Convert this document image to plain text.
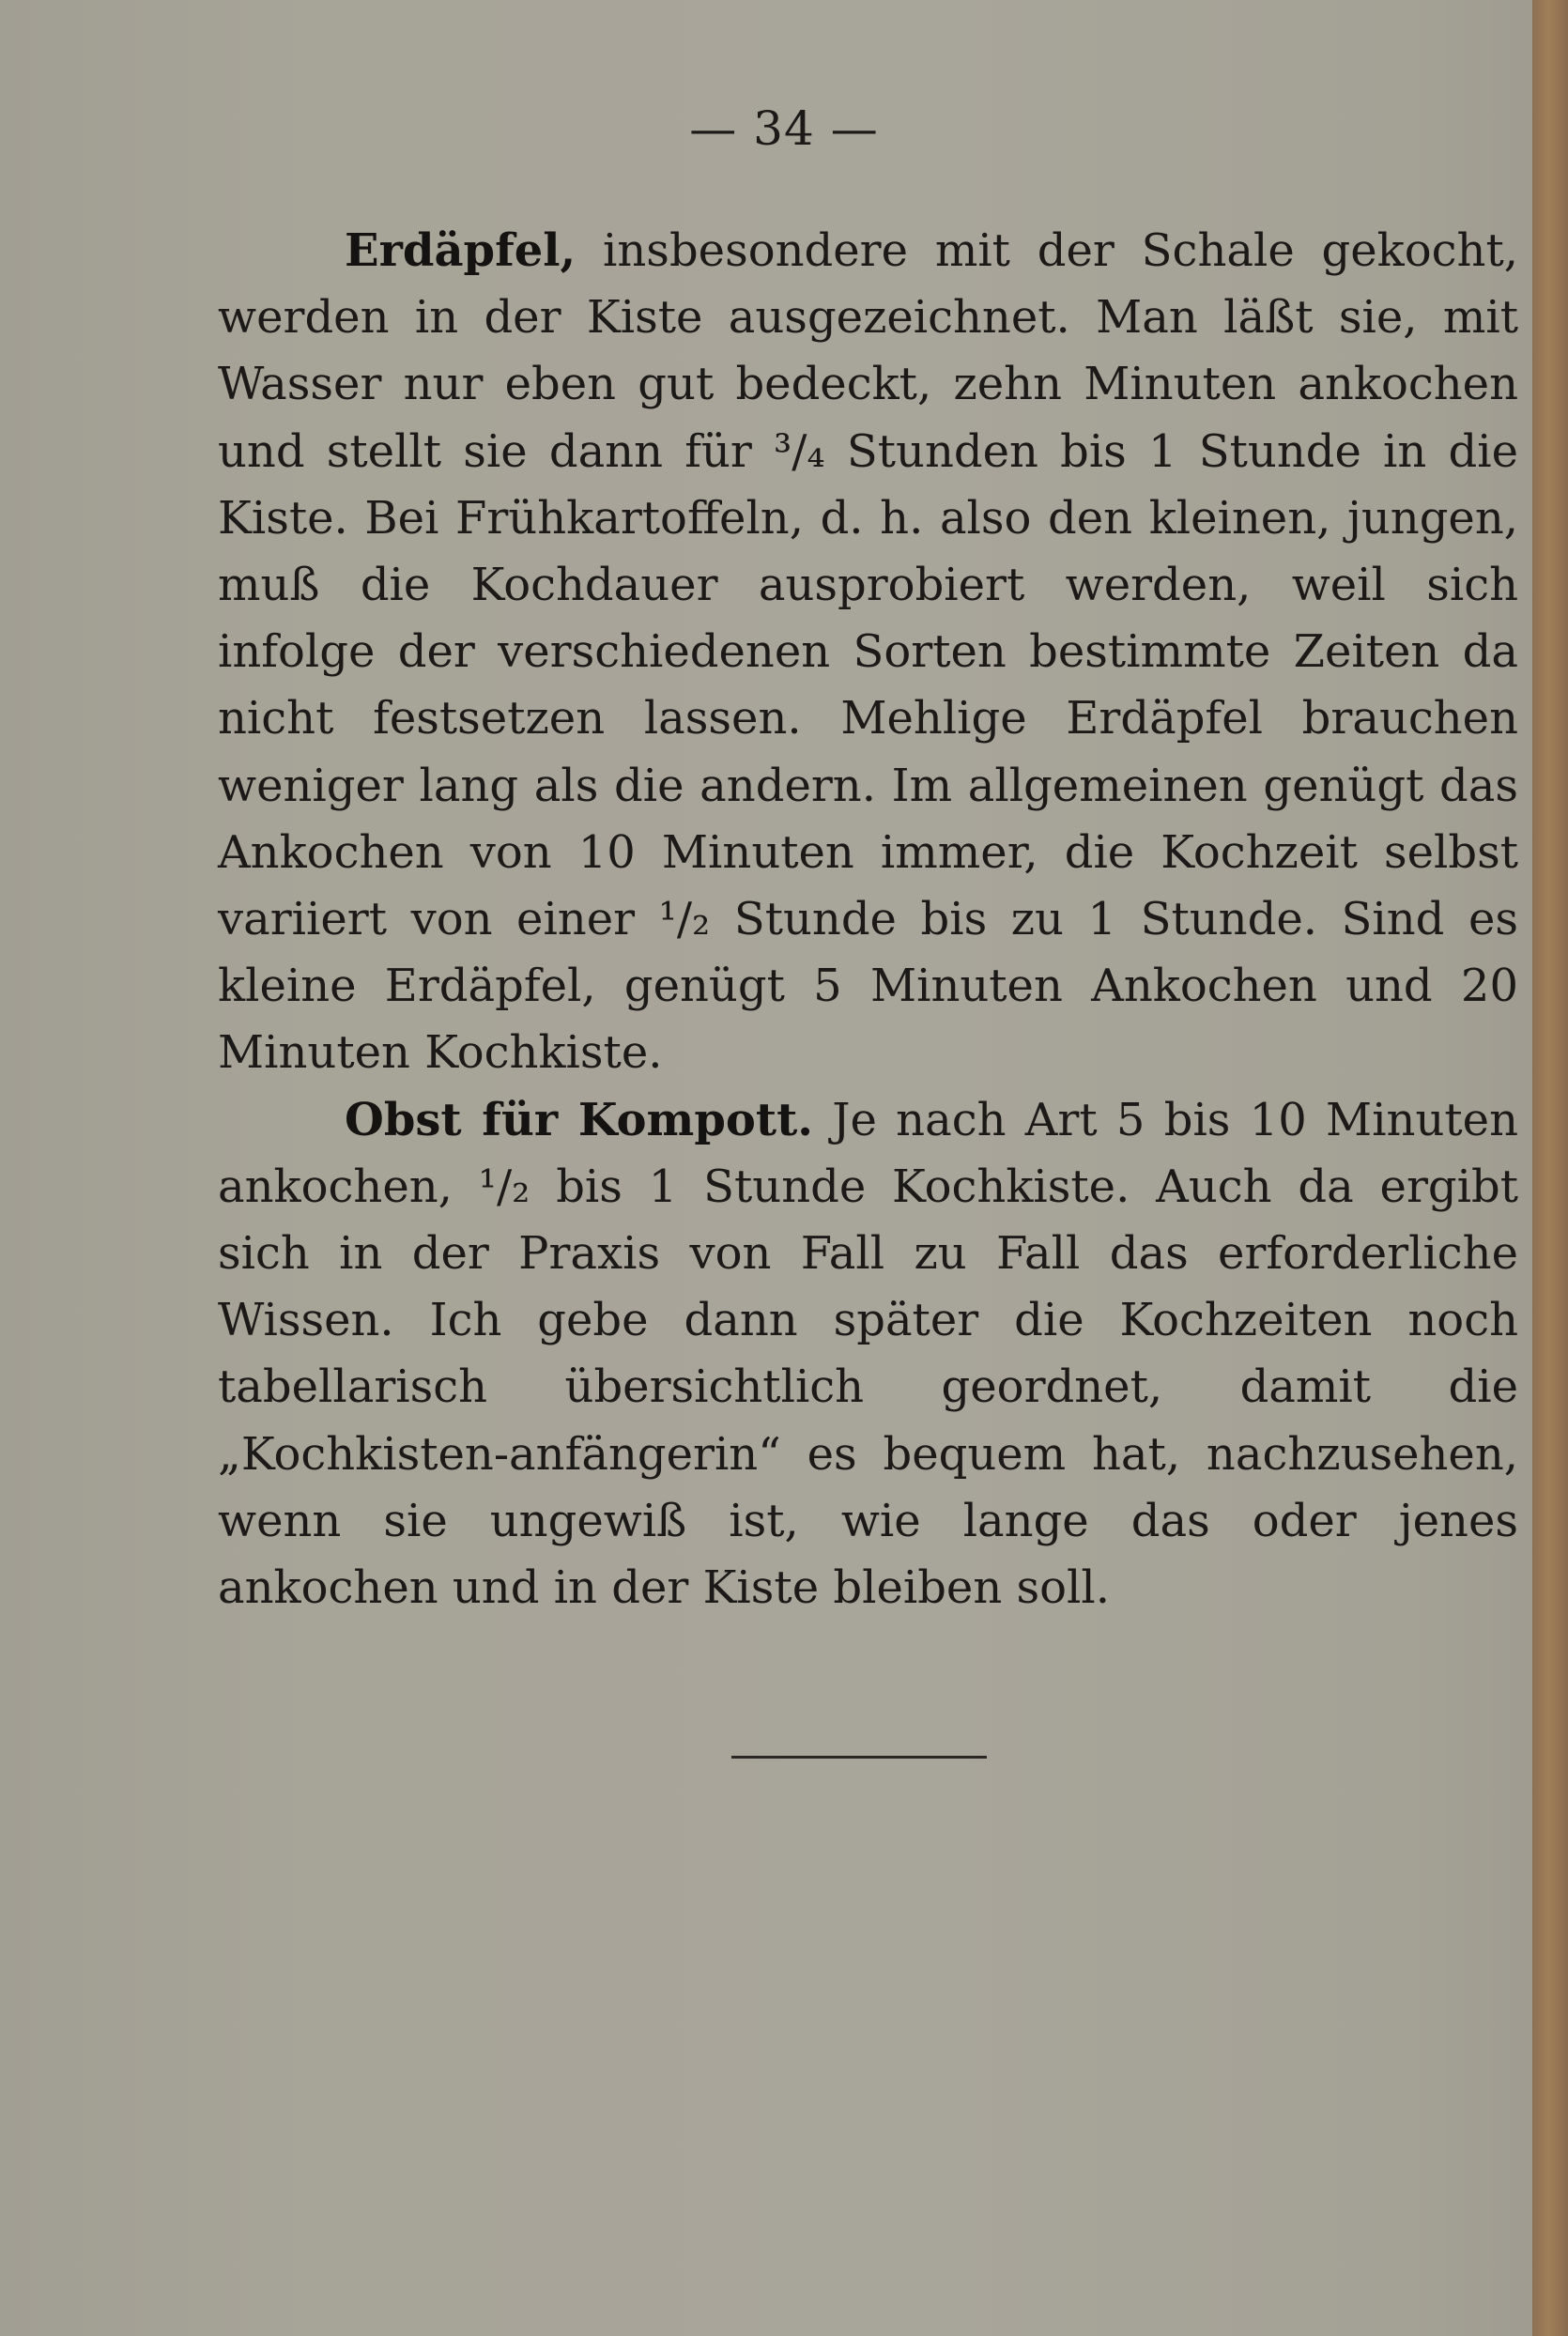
— 34 —

Erdäpfel, insbesondere mit der Schale gekocht, werden in der Kiste ausgezeichnet. Man läßt sie, mit Wasser nur eben gut bedeckt, zehn Minuten ankochen und stellt sie dann für ³/₄ Stunden bis 1 Stunde in die Kiste. Bei Frühkartoffeln, d. h. also den kleinen, jungen, muß die Kochdauer ausprobiert werden, weil sich infolge der verschiedenen Sorten bestimmte Zeiten da nicht festsetzen lassen. Mehlige Erdäpfel brauchen weniger lang als die andern. Im allgemeinen genügt das Ankochen von 10 Minuten immer, die Kochzeit selbst variiert von einer ¹/₂ Stunde bis zu 1 Stunde. Sind es kleine Erdäpfel, genügt 5 Minuten Ankochen und 20 Minuten Kochkiste.

Obst für Kompott. Je nach Art 5 bis 10 Minuten ankochen, ¹/₂ bis 1 Stunde Kochkiste. Auch da ergibt sich in der Praxis von Fall zu Fall das erforderliche Wissen. Ich gebe dann später die Kochzeiten noch tabellarisch übersichtlich geordnet, damit die „Kochkisten-anfängerin“ es bequem hat, nachzusehen, wenn sie ungewiß ist, wie lange das oder jenes ankochen und in der Kiste bleiben soll.
